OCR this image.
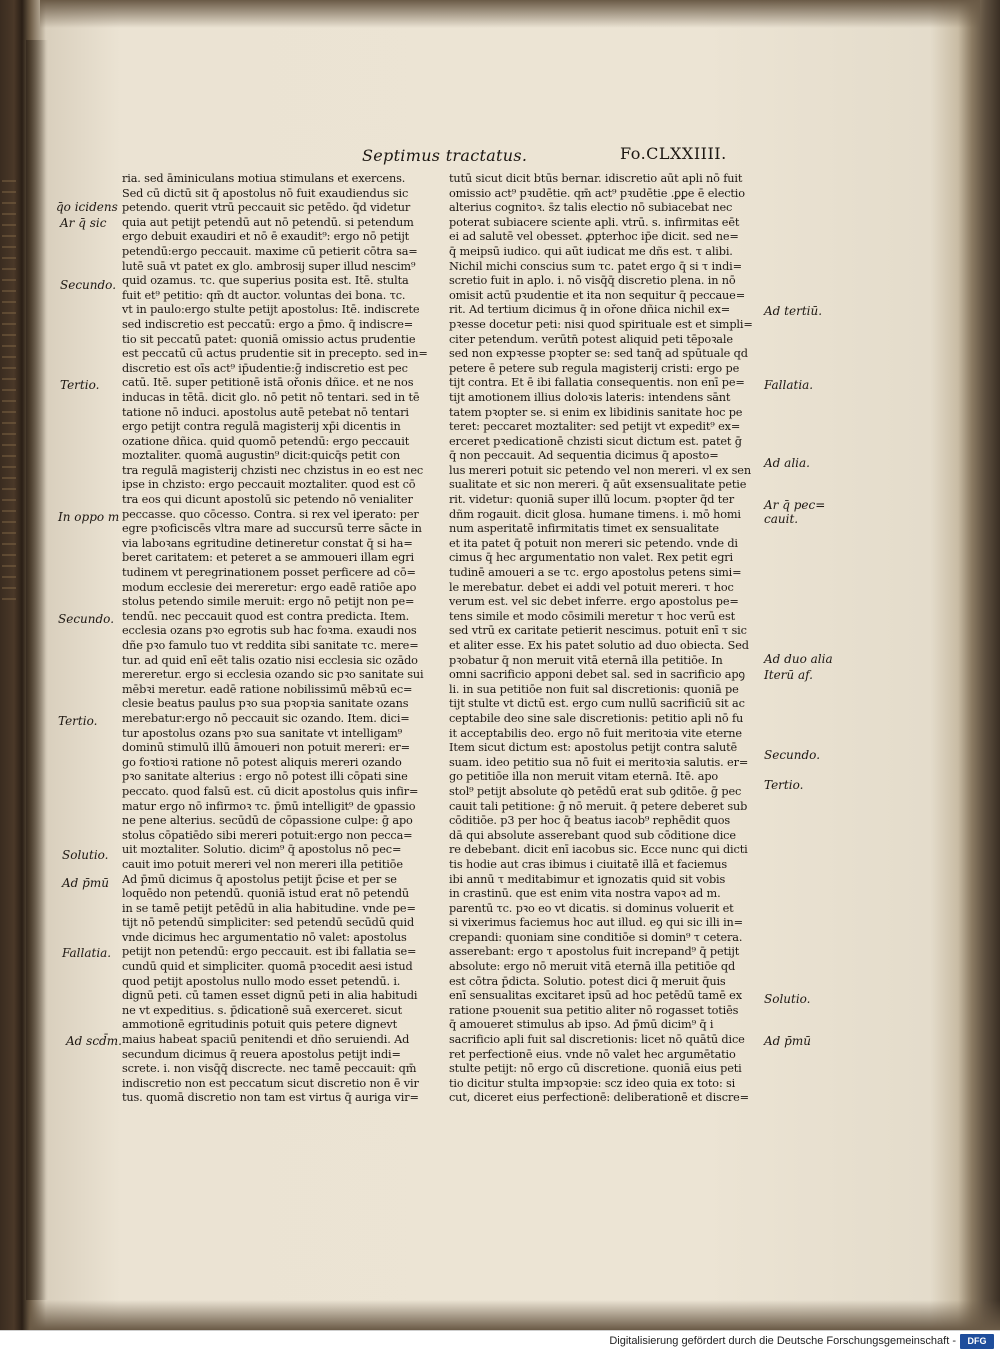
Septimus tractatus.	Fo.CLXXIIII.
ria. sed āminiculans motiua stimulans et exercens.
Sed cū dictū sit q̄ apostolus nō fuit exaudiendus sic
petendo. querit̄ vtrū peccauit sic petēdo. q̄d videtur
quia aut petijt petendū aut nō petendū. si petendum
ergo debuit exaudiri et nō ē exaudit⁹: ergo nō petijt
petendū:ergo peccauit. maxime cū petierit cōtra sa=
lutē suā vt patet ex glo. ambrosij super illud nescim⁹
quid ozamus. τc. que superius posita est. Itē. stulta
fuit et⁹ petitio: qm̄ dt auctor. voluntas dei bona. τc.
vt in paulo:ergo stulte petijt apostolus: Itē. indiscrete
sed indiscretio est peccatū: ergo a p̄mo. q̄ indiscre=
tio sit peccatū patet: quoniā omissio actus prudentie
est peccatū cū actus prudentie sit in precepto. sed in=
discretio est oīs act⁹ ip̄udentie:ḡ indiscretio est pec
catū. Itē. super petitionē istā ořonis dñice. et ne nos
inducas in tētā. dicit glo. nō petit nō tentari. sed in tē
tatione nō induci. apostolus autē petebat nō tentari
ergo petijt contra regulā magisterij xp̄i dicentis in
ozatione dñica. quid quomō petendū: ergo peccauit
moztaliter. quomā augustin⁹ dicit:quicq̄s petit con
tra regulā magisterij chzisti nec chzistus in eo est nec
ipse in chzisto: ergo peccauit moztaliter. quod est cō
tra eos qui dicunt apostolū sic petendo nō venialiter
peccasse. quo cōcesso. Contra. si rex vel iꝑerato: per
egre pꝛoficiscēs vltra mare ad succursū terre sācte in
via laboꝛans egritudine detineretur constat q̄ si ha=
beret caritatem: et peteret a se ammoueri illam egri
tudinem vt peregrinationem posset perficere ad cō=
modum ecclesie dei mereretur: ergo eadē ratiōe apo
stolus petendo simile meruit: ergo nō petijt non pe=
tendū. nec peccauit quod est contra predicta. Item.
ecclesia ozans pꝛo egrotis sub hac foꝛma. exaudi nos
dñe pꝛo famulo tuo vt reddita sibi sanitate τc. mere=
tur. ad quid enī eēt talis ozatio nisi ecclesia sic ozādo
mereretur. ergo si ecclesia ozando sic pꝛo sanitate sui
mēbꝛi meretur. eadē ratione nobilissimū mēbꝛū ec=
clesie beatus paulus pꝛo sua pꝛopꝛia sanitate ozans
merebatur:ergo nō peccauit sic ozando. Item. dici=
tur apostolus ozans pꝛo sua sanitate vt intelligam⁹
dominū stimulū illū āmoueri non potuit mereri: er=
go foꝛtioꝛi ratione nō potest aliquis mereri ozando
pꝛo sanitate alterius : ergo nō potest illi cōpati sine
peccato. quod falsū est. cū dicit apostolus quis infir=
matur ergo nō infirmoꝛ τc. p̄mū intelligit⁹ de ꝯpassio
ne pene alterius. secūdū de cōpassione culpe: ḡ apo
stolus cōpatiēdo sibi mereri potuit:ergo non pecca=
uit moztaliter. Solutio. dicim⁹ q̄ apostolus nō pec=
cauit imo potuit mereri vel non mereri illa petitiōe
Ad p̄mū dicimus q̄ apostolus petijt p̄cise et per se
loquēdo non petendū. quoniā istud erat nō petendū
in se tamē petijt petēdū in alia habitudine. vnde pe=
tijt nō petendū simpliciter: sed petendū secūdū quid
vnde dicimus hec argumentatio nō valet: apostolus
petijt non petendū: ergo peccauit. est ibi fallatia se=
cundū quid et simpliciter. quomā pꝛocedit aesi istud
quod petijt apostolus nullo modo esset petendū. i.
dignū peti. cū tamen esset dignū peti in alia habitudi
ne vt expeditius. s. p̄dicationē suā exerceret. sicut
ammotionē egritudinis potuit quis petere dignevt
maius habeat spaciū penitendi et dño seruiendi. Ad
secundum dicimus q̄ reuera apostolus petijt indi=
screte. i. non visq̄q̄ discrecte. nec tamē peccauit: qm̄
indiscretio non est peccatum sicut discretio non ē vir
tus. quomā discretio non tam est virtus q̄ auriga vir=
tutū sicut dicit btūs bernar. idiscretio aūt apl̄i nō fuit
omissio act⁹ pꝛudētie. qm̄ act⁹ pꝛudētie .ꝑꝑe ē electio
alterius cognitoꝛ. s̄z talis electio nō subiacebat nec
poterat subiacere sciente apl̄i. vtrū. s. infirmitas eēt
ei ad salutē vel obesset. ꝓpterhoc ip̄e dicit. sed ne=
q̄ meipsū iudico. qui aūt iudicat me dñs est. τ alibi.
Nichil michi conscius sum τc. patet ergo q̄ si τ indi=
scretio fuit in apl̄o. i. nō visq̄q̄ discretio plena. in nō
omisit actū pꝛudentie et ita non sequitur q̄ peccaue=
rit. Ad tertium dicimus q̄ in ořone dñica nichil ex=
pꝛesse docetur peti: nisi quod spirituale est et simpli=
citer petendum. verūtn̄ potest aliquid peti tēpoꝛale
sed non expꝛesse pꝛopter se: sed tanq̄ ad spūtuale qd̄
petere ē petere sub regula magisterij cristi: ergo pe
tijt contra. Et ē ibi fallatia consequentis. non enī pe=
tijt amotionem illius doloꝛis lateris: intendens sānt
tatem pꝛopter se. si enim ex libidinis sanitate hoc pe
teret: peccaret moztaliter: sed petijt vt expedit⁹ ex=
erceret pꝛedicationē chzisti sicut dictum est. patet ḡ
q̄ non peccauit. Ad sequentia dicimus q̄ aposto=
lus mereri potuit sic petendo vel non mereri. vl ex sen
sualitate et sic non mereri. q̄ aūt exsensualitate petie
rit. videtur: quoniā super illū locum. pꝛopter q̄d ter
dñm rogauit. dicit glosa. humane timens. i. mō homi
num asperitatē infirmitatis timet ex sensualitate
et ita patet q̄ potuit non mereri sic petendo. vnde di
cimus q̄ hec argumentatio non valet. Rex petit egri
tudinē amoueri a se τc. ergo apostolus petens simi=
le merebatur. debet ei addi vel potuit mereri. τ hoc
verum est. vel sic debet inferre. ergo apostolus pe=
tens simile et modo cōsimili meretur τ hoc verū est
sed vtrū ex caritate petierit nescimus. potuit enī τ sic
et aliter esse. Ex his patet solutio ad duo obiecta. Sed
pꝛobatur q̄ non meruit vitā eternā illa petitiōe. In
omni sacrificio apponi debet sal. sed in sacrificio apꝯ
li. in sua petitiōe non fuit sal discretionis: quoniā pe
tijt stulte vt dictū est. ergo cum nullū sacrificiū sit ac
ceptabile deo sine sale discretionis: petitio apl̄i nō fu
it acceptabilis deo. ergo nō fuit meritoꝛia vite eterne
Item sicut dictum est: apostolus petijt contra salutē
suam. ideo petitio sua nō fuit ei meritoꝛia salutis. er=
go petitiōe illa non meruit vitam eternā. Itē. apo
stol⁹ petijt absolute qꝺ petēdū erat sub ꝯditōe. ḡ pec
cauit tali petitione: ḡ nō meruit. q̄ petere deberet sub
cōditiōe. p3 per hoc q̄ beatus iacob⁹ rephēdit quos
dā qui absolute asserebant quod sub cōditione dice
re debebant. dicit enī iacobus sic. Ecce nunc qui dicti
tis hodie aut cras ibimus i ciuitatē illā et faciemus
ibi annū τ meditabimur et ignozatis quid sit vobis
in crastinū. que est enim vita nostra vapoꝛ ad m.
parentū τc. pꝛo eo vt dicatis. si dominus voluerit et
si vixerimus faciemus hoc aut illud. eꝯ qui sic illi in=
crepandi: quoniam sine conditiōe si domin⁹ τ cetera.
asserebant: ergo τ apostolus fuit increpand⁹ q̄ petijt
absolute: ergo nō meruit vitā eternā illa petitiōe qd̄
est cōtra p̄dicta. Solutio. potest dici q̄ meruit q̄uis
enī sensualitas excitaret ipsū ad hoc petēdū tamē ex
ratione pꝛouenit sua petitio aliter nō rogasset totiēs
q̄ amoueret stimulus ab ipso. Ad p̄mū dicim⁹ q̄ i
sacrificio apl̄i fuit sal discretionis: licet nō quātū dice
ret perfectionē eius. vnde nō valet hec argumētatio
stulte petijt: nō ergo cū discretione. quoniā eius peti
tio dicitur stulta impꝛopꝛie: scz ideo quia ex toto: si
cut, diceret eius perfectionē: deliberationē et discre=
q̄o icidens
Ar q̄ sic
Secundo.
Tertio.
In oppo m
Secundo.
Tertio.
Solutio.
Ad p̄mū
Fallatia.
Ad scd̄m.
Ad tertiū.
Fallatia.
Ad alia.
Ar q̄ pec=
cauit.
Ad duo alia
Iterū af.
Secundo.
Tertio.
Solutio.
Ad p̄mū
Digitalisierung gefördert durch die Deutsche Forschungsgemeinschaft -	DFG
